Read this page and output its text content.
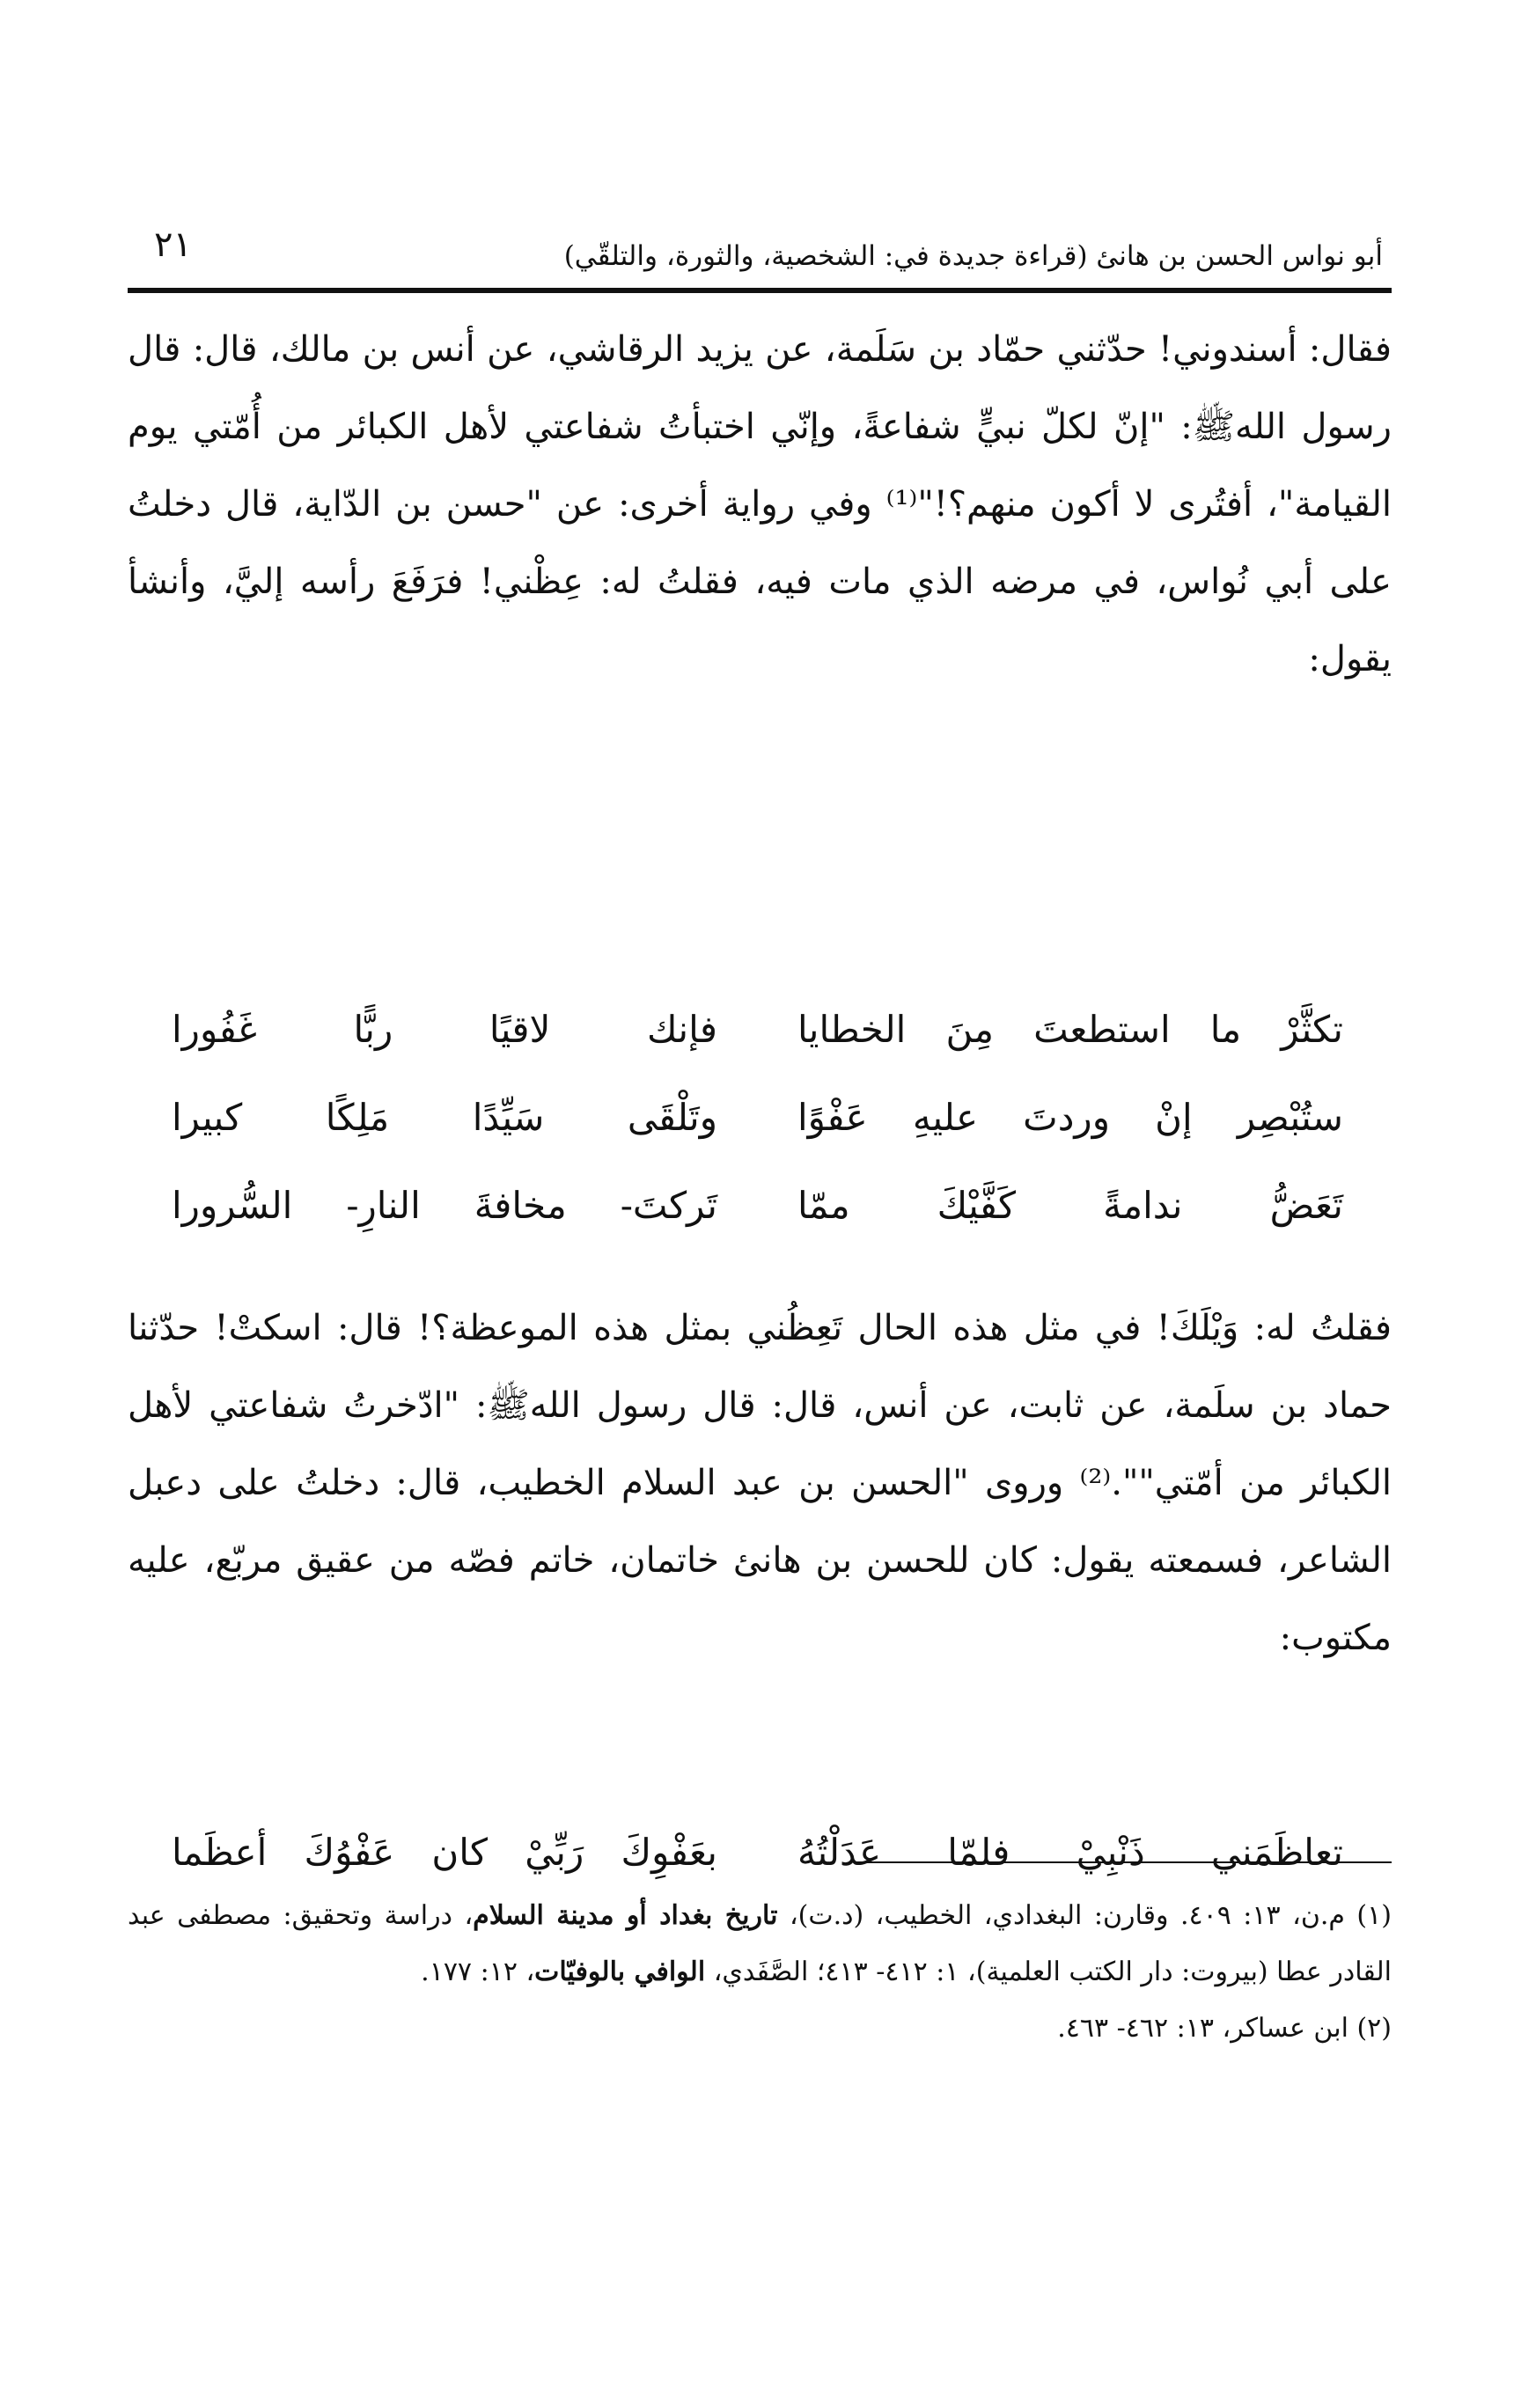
أبو نواس الحسن بن هانئ (قراءة جديدة في: الشخصية، والثورة، والتلقّي)
٢١

فقال: أسندوني! حدّثني حمّاد بن سَلَمة، عن يزيد الرقاشي، عن أنس بن مالك، قال: قال رسول اللهﷺ: "إنّ لكلّ نبيٍّ شفاعةً، وإنّي اختبأتُ شفاعتي لأهل الكبائر من أُمّتي يوم القيامة"، أفتُرى لا أكون منهم؟!"⁽¹⁾ وفي رواية أخرى: عن "حسن بن الدّاية، قال دخلتُ على أبي نُواس، في مرضه الذي مات فيه، فقلتُ له: عِظْني! فرَفَعَ رأسه إليَّ، وأنشأ يقول:

تكثَّرْ ما استطعتَ مِنَ الخطايا
فإنك لاقيًا ربًّا غَفُورا
ستُبْصِر إنْ وردتَ عليهِ عَفْوًا
وتَلْقَى سَيِّدًا مَلِكًا كبيرا
تَعَضُّ ندامةً كَفَّيْكَ ممّا
تَركتَ- مخافةَ النارِ- السُّرورا

فقلتُ له: وَيْلَكَ! في مثل هذه الحال تَعِظُني بمثل هذه الموعظة؟! قال: اسكتْ! حدّثنا حماد بن سلَمة، عن ثابت، عن أنس، قال: قال رسول اللهﷺ: "ادّخرتُ شفاعتي لأهل الكبائر من أمّتي"".⁽²⁾ وروى "الحسن بن عبد السلام الخطيب، قال: دخلتُ على دعبل الشاعر، فسمعته يقول: كان للحسن بن هانئ خاتمان، خاتم فصّه من عقيق مربّع، عليه مكتوب:

تعاظَمَني ذَنْبِيْ فلمّا عَدَلْتُهُ
بعَفْوِكَ رَبِّيْ كان عَفْوُكَ أعظَما

(١) م.ن، ١٣: ٤٠٩. وقارن: البغدادي، الخطيب، (د.ت)، تاريخ بغداد أو مدينة السلام، دراسة وتحقيق: مصطفى عبد القادر عطا (بيروت: دار الكتب العلمية)، ١: ٤١٢- ٤١٣؛ الصَّفَدي، الوافي بالوفيّات، ١٢: ١٧٧.

(٢) ابن عساكر، ١٣: ٤٦٢- ٤٦٣.
